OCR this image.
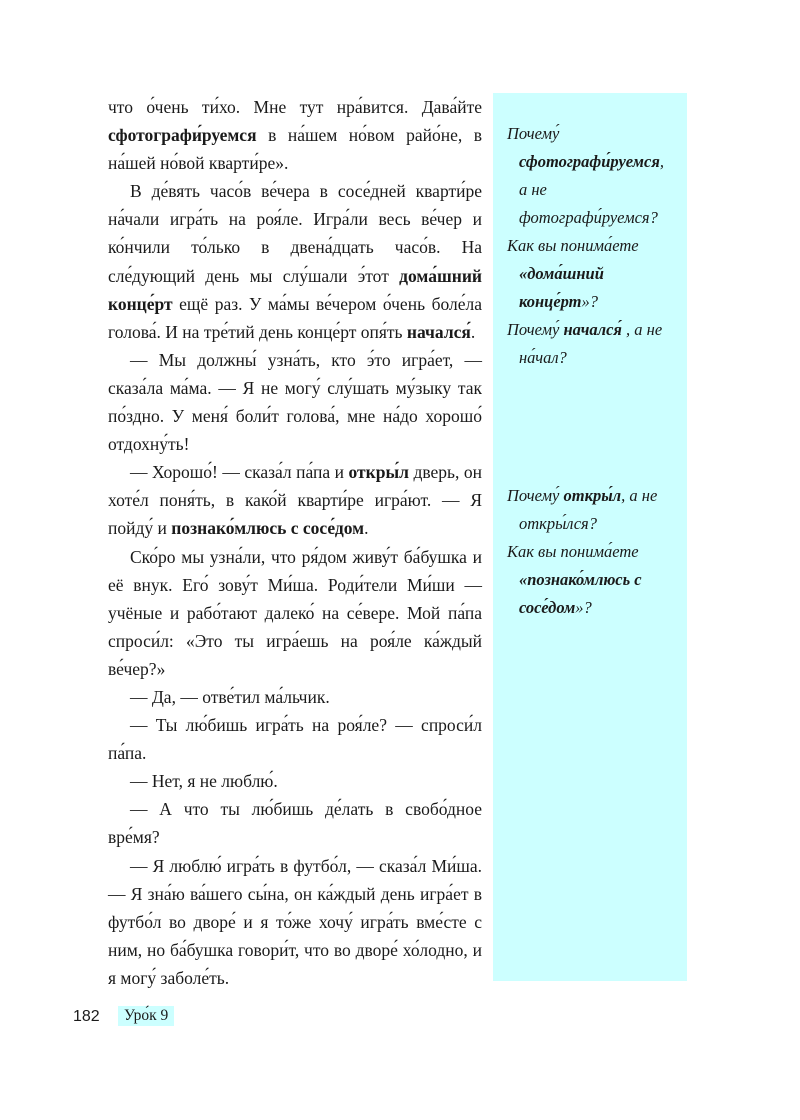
что о́чень ти́хо. Мне тут нра́вится. Дава́йте сфотографи́руемся в на́шем но́вом райо́не, в на́шей но́вой кварти́ре».

В де́вять часо́в ве́чера в сосе́дней кварти́ре на́чали игра́ть на роя́ле. Игра́ли весь ве́чер и ко́нчили то́лько в двена́дцать часо́в. На сле́дующий день мы слу́шали э́тот дома́шний конце́рт ещё раз. У ма́мы ве́чером о́чень боле́ла голова́. И на тре́тий день конце́рт опя́ть начался́.

— Мы должны́ узна́ть, кто э́то игра́ет, — сказа́ла ма́ма. — Я не могу́ слу́шать му́зыку так по́здно. У меня́ боли́т голова́, мне на́до хорошо́ отдохну́ть!

— Хорошо́! — сказа́л па́па и откры́л дверь, он хоте́л поня́ть, в како́й кварти́ре игра́ют. — Я пойду́ и познако́млюсь с сосе́дом.

Ско́ро мы узна́ли, что ря́дом живу́т ба́бушка и её внук. Его́ зову́т Ми́ша. Роди́тели Ми́ши — учёные и рабо́тают далеко́ на се́вере. Мой па́па спроси́л: «Это ты игра́ешь на роя́ле ка́ждый ве́чер?»

— Да, — отве́тил ма́льчик.

— Ты лю́бишь игра́ть на роя́ле? — спроси́л па́па.

— Нет, я не люблю́.

— А что ты лю́бишь де́лать в свобо́дное вре́мя?

— Я люблю́ игра́ть в футбо́л, — сказа́л Ми́ша. — Я зна́ю ва́шего сы́на, он ка́ждый день игра́ет в футбо́л во дворе́ и я то́же хочу́ игра́ть вме́сте с ним, но ба́бушка говори́т, что во дворе́ хо́лодно, и я могу́ заболе́ть.

Почему́
сфотографи́руемся,
а не
фотографи́руемся?
Как вы понима́ете
«дома́шний
конце́рт»?
Почему́ начался́ , а не
на́чал?
Почему́ откры́л, а не
откры́лся?
Как вы понима́ете
«познако́млюсь с
сосе́дом»?
182	Уро́к 9
